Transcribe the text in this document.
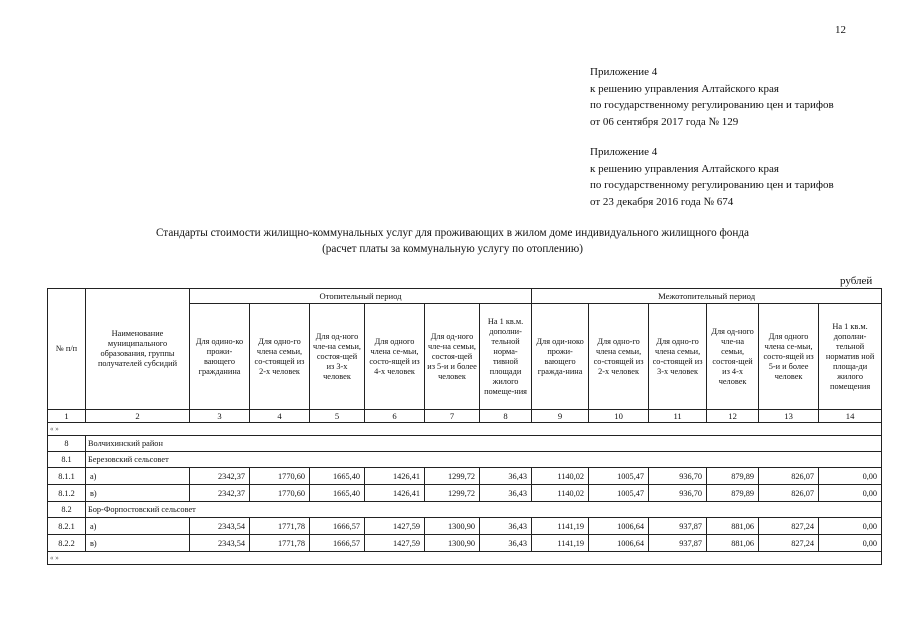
12
Приложение 4
к решению управления Алтайского края
по государственному регулированию цен и тарифов
от 06 сентября 2017 года № 129
Приложение 4
к решению управления Алтайского края
по государственному регулированию цен и тарифов
от 23 декабря 2016 года № 674
Стандарты стоимости жилищно-коммунальных услуг для проживающих в жилом доме индивидуального жилищного фонда
(расчет платы за коммунальную услугу по отоплению)
рублей
№ п/п	Наименование муниципального образования, группы получателей субсидий	Отопительный период						Межотопительный период					
		Для одино-ко прожи-вающего гражданина	Для одно-го члена семьи, со-стоящей из 2-х человек	Для од-ного чле-на семьи, состоя-щей из 3-х человек	Для одного члена се-мьи, состо-ящей из 4-х человек	Для од-ного чле-на семьи, состоя-щей из 5-и и более человек	На 1 кв.м. дополни-тельной норма-тивной площади жилого помеще-ния	Для оди-ноко прожи-вающего гражда-нина	Для одно-го члена семьи, со-стоящей из 2-х человек	Для одно-го члена семьи, со-стоящей из 3-х человек	Для од-ного чле-на семьи, состоя-щей из 4-х человек	Для одного члена се-мьи, состо-ящей из 5-и и более человек	На 1 кв.м. дополни-тельной норматив ной площа-ди жилого помещения
1	2	3	4	5	6	7	8	9	10	11	12	13	14
« »													
8	Волчихинский район												
8.1	Березовский сельсовет												
8.1.1	а)	2342,37	1770,60	1665,40	1426,41	1299,72	36,43	1140,02	1005,47	936,70	879,89	826,07	0,00
8.1.2	в)	2342,37	1770,60	1665,40	1426,41	1299,72	36,43	1140,02	1005,47	936,70	879,89	826,07	0,00
8.2	Бор-Форпостовский сельсовет												
8.2.1	а)	2343,54	1771,78	1666,57	1427,59	1300,90	36,43	1141,19	1006,64	937,87	881,06	827,24	0,00
8.2.2	в)	2343,54	1771,78	1666,57	1427,59	1300,90	36,43	1141,19	1006,64	937,87	881,06	827,24	0,00
« »													
